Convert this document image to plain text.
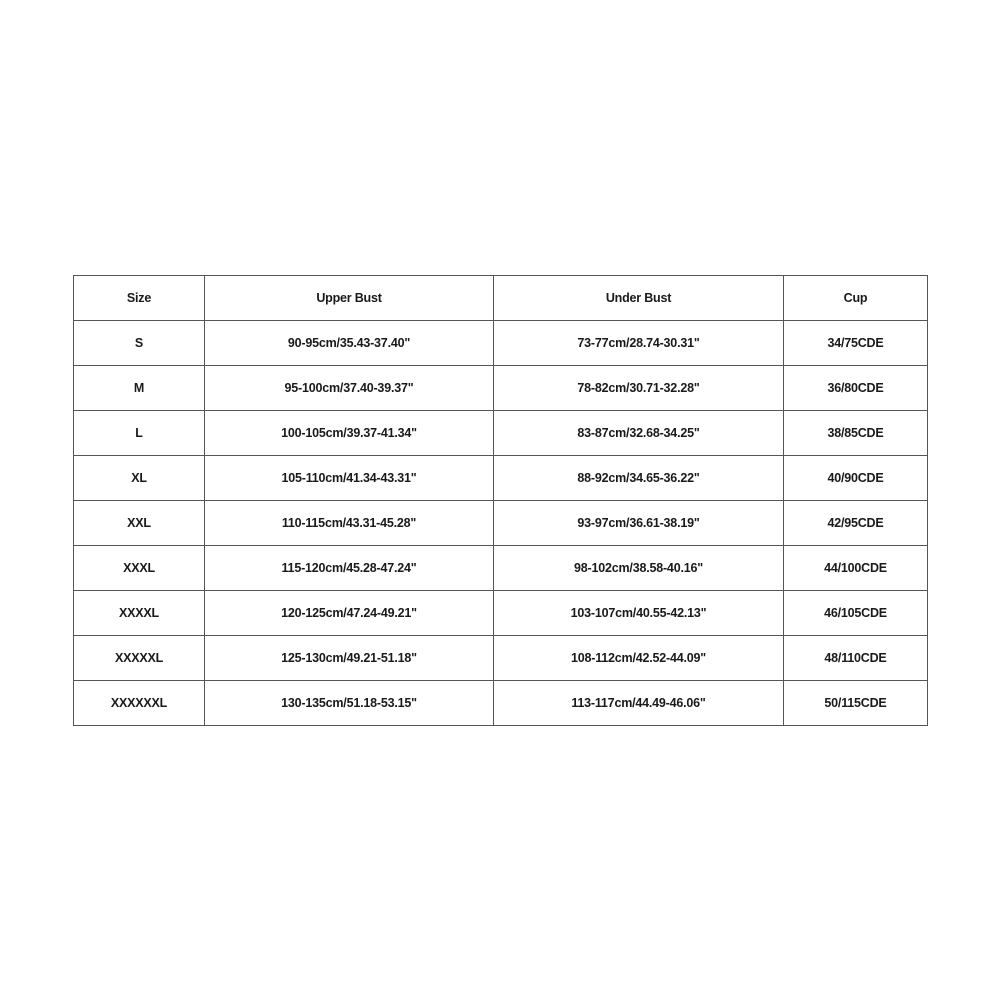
Size	Upper Bust	Under Bust	Cup
S	90-95cm/35.43-37.40"	73-77cm/28.74-30.31"	34/75CDE
M	95-100cm/37.40-39.37"	78-82cm/30.71-32.28"	36/80CDE
L	100-105cm/39.37-41.34"	83-87cm/32.68-34.25"	38/85CDE
XL	105-110cm/41.34-43.31"	88-92cm/34.65-36.22"	40/90CDE
XXL	110-115cm/43.31-45.28"	93-97cm/36.61-38.19"	42/95CDE
XXXL	115-120cm/45.28-47.24"	98-102cm/38.58-40.16"	44/100CDE
XXXXL	120-125cm/47.24-49.21"	103-107cm/40.55-42.13"	46/105CDE
XXXXXL	125-130cm/49.21-51.18"	108-112cm/42.52-44.09"	48/110CDE
XXXXXXL	130-135cm/51.18-53.15"	113-117cm/44.49-46.06"	50/115CDE
